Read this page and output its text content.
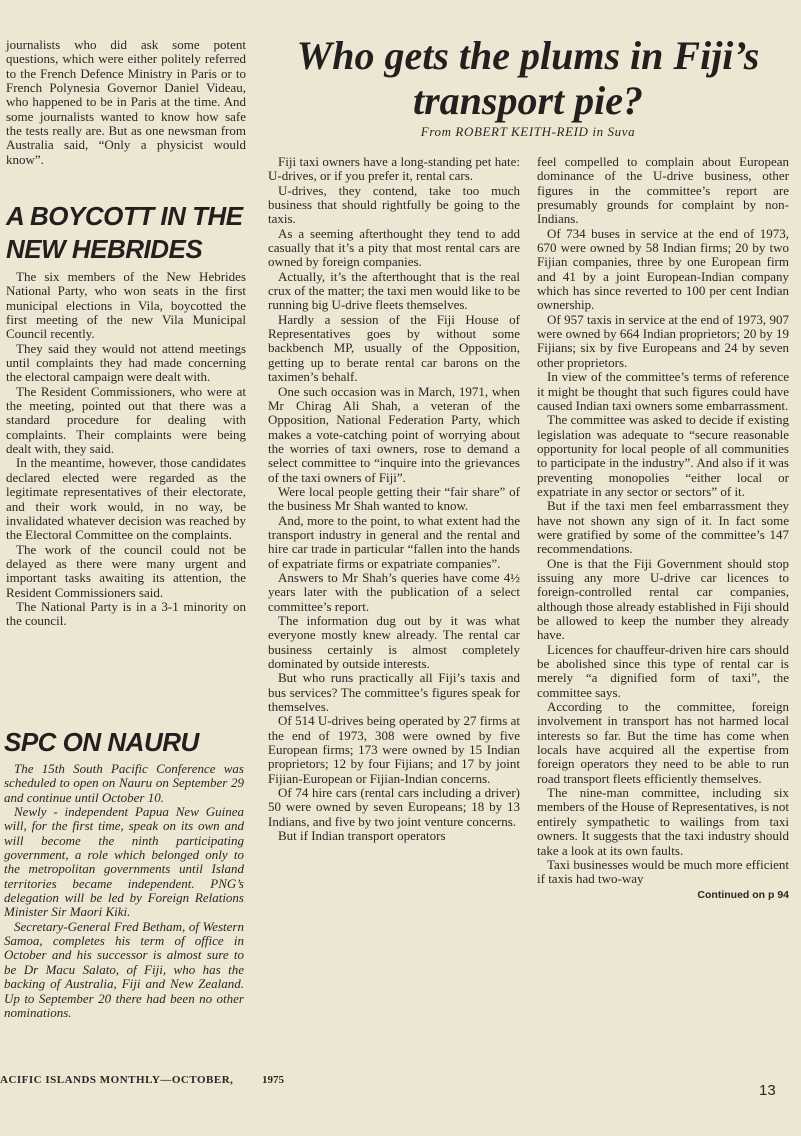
journalists who did ask some potent questions, which were either politely referred to the French Defence Ministry in Paris or to French Polynesia Governor Daniel Videau, who happened to be in Paris at the time. And some journalists wanted to know how safe the tests really are. But as one newsman from Australia said, “Only a physicist would know”.

A BOYCOTT IN THE NEW HEBRIDES

The six members of the New Hebrides National Party, who won seats in the first municipal elections in Vila, boycotted the first meeting of the new Vila Municipal Council recently.

They said they would not attend meetings until complaints they had made concerning the electoral campaign were dealt with.

The Resident Commissioners, who were at the meeting, pointed out that there was a standard procedure for dealing with complaints. Their complaints were being dealt with, they said.

In the meantime, however, those candidates declared elected were regarded as the legitimate representatives of their electorate, and their work would, in no way, be invalidated whatever decision was reached by the Electoral Committee on the complaints.

The work of the council could not be delayed as there were many urgent and important tasks awaiting its attention, the Resident Commissioners said.

The National Party is in a 3-1 minority on the council.

SPC ON NAURU

The 15th South Pacific Conference was scheduled to open on Nauru on September 29 and continue until October 10.

Newly - independent Papua New Guinea will, for the first time, speak on its own and will become the ninth participating government, a role which belonged only to the metropolitan governments until Island territories became independent. PNG’s delegation will be led by Foreign Relations Minister Sir Maori Kiki.

Secretary-General Fred Betham, of Western Samoa, completes his term of office in October and his successor is almost sure to be Dr Macu Salato, of Fiji, who has the backing of Australia, Fiji and New Zealand. Up to September 20 there had been no other nominations.

Who gets the plums in Fiji’s transport pie?
From ROBERT KEITH-REID in Suva

Fiji taxi owners have a long-standing pet hate: U-drives, or if you prefer it, rental cars.

U-drives, they contend, take too much business that should rightfully be going to the taxis.

As a seeming afterthought they tend to add casually that it’s a pity that most rental cars are owned by foreign companies.

Actually, it’s the afterthought that is the real crux of the matter; the taxi men would like to be running big U-drive fleets themselves.

Hardly a session of the Fiji House of Representatives goes by without some backbench MP, usually of the Opposition, getting up to berate rental car barons on the taximen’s behalf.

One such occasion was in March, 1971, when Mr Chirag Ali Shah, a veteran of the Opposition, National Federation Party, which makes a vote-catching point of worrying about the worries of taxi owners, rose to demand a select committee to “inquire into the grievances of the taxi owners of Fiji”.

Were local people getting their “fair share” of the business Mr Shah wanted to know.

And, more to the point, to what extent had the transport industry in general and the rental and hire car trade in particular “fallen into the hands of expatriate firms or expatriate companies”.

Answers to Mr Shah’s queries have come 4½ years later with the publication of a select committee’s report.

The information dug out by it was what everyone mostly knew already. The rental car business certainly is almost completely dominated by outside interests.

But who runs practically all Fiji’s taxis and bus services? The committee’s figures speak for themselves.

Of 514 U-drives being operated by 27 firms at the end of 1973, 308 were owned by five European firms; 173 were owned by 15 Indian proprietors; 12 by four Fijians; and 17 by joint Fijian-European or Fijian-Indian concerns.

Of 74 hire cars (rental cars including a driver) 50 were owned by seven Europeans; 18 by 13 Indians, and five by two joint venture concerns.

But if Indian transport operators

feel compelled to complain about European dominance of the U-drive business, other figures in the committee’s report are presumably grounds for complaint by non-Indians.

Of 734 buses in service at the end of 1973, 670 were owned by 58 Indian firms; 20 by two Fijian companies, three by one European firm and 41 by a joint European-Indian company which has since reverted to 100 per cent Indian ownership.

Of 957 taxis in service at the end of 1973, 907 were owned by 664 Indian proprietors; 20 by 19 Fijians; six by five Europeans and 24 by seven other proprietors.

In view of the committee’s terms of reference it might be thought that such figures could have caused Indian taxi owners some embarrassment.

The committee was asked to decide if existing legislation was adequate to “secure reasonable opportunity for local people of all communities to participate in the industry”. And also if it was preventing monopolies “either local or expatriate in any sector or sectors” of it.

But if the taxi men feel embarrassment they have not shown any sign of it. In fact some were gratified by some of the committee’s 147 recommendations.

One is that the Fiji Government should stop issuing any more U-drive car licences to foreign-controlled rental car companies, although those already established in Fiji should be allowed to keep the number they already have.

Licences for chauffeur-driven hire cars should be abolished since this type of rental car is merely “a dignified form of taxi”, the committee says.

According to the committee, foreign involvement in transport has not harmed local interests so far. But the time has come when locals have acquired all the expertise from foreign operators they need to be able to run road transport fleets efficiently themselves.

The nine-man committee, including six members of the House of Representatives, is not entirely sympathetic to wailings from taxi owners. It suggests that the taxi industry should take a look at its own faults.

Taxi businesses would be much more efficient if taxis had two-way

Continued on p 94
ACIFIC ISLANDS MONTHLY—OCTOBER,	1975
13
